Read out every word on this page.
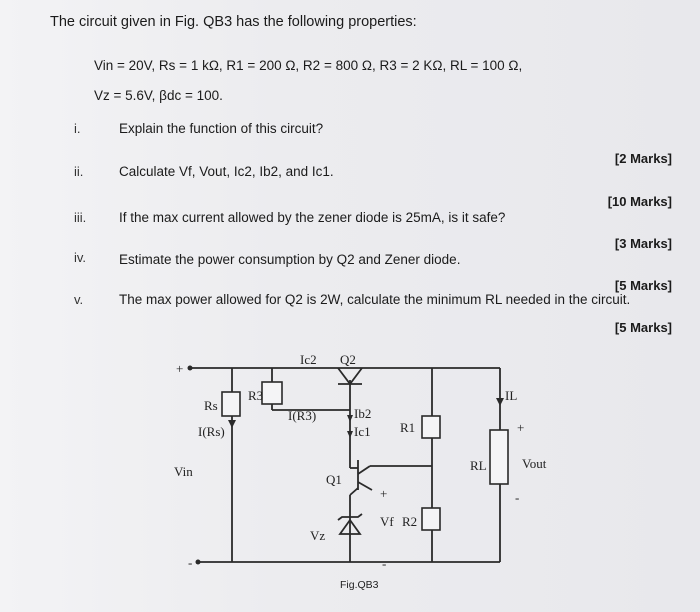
The circuit given in Fig. QB3 has the following properties:
Vin = 20V, Rs = 1 kΩ, R1 = 200 Ω, R2 = 800 Ω, R3 = 2 KΩ, RL = 100 Ω,
Vz = 5.6V, βdc = 100.
i.	Explain the function of this circuit?
[2 Marks]
ii.	Calculate Vf, Vout, Ic2, Ib2, and Ic1.
[10 Marks]
iii. If the max current allowed by the zener diode is 25mA, is it safe?
[3 Marks]
iv. Estimate the power consumption by Q2 and Zener diode.
[5 Marks]
v.	The max power allowed for Q2 is 2W, calculate the minimum RL needed in the circuit.
[5 Marks]
+
-
Vin
Rs
I(Rs)
R3
I(R3)
Ic2 Q2
Ib2
Ic1
Q1
R1
+
Vf R2
-
Vz
IL
RL
+
Vout
-
Fig.QB3
